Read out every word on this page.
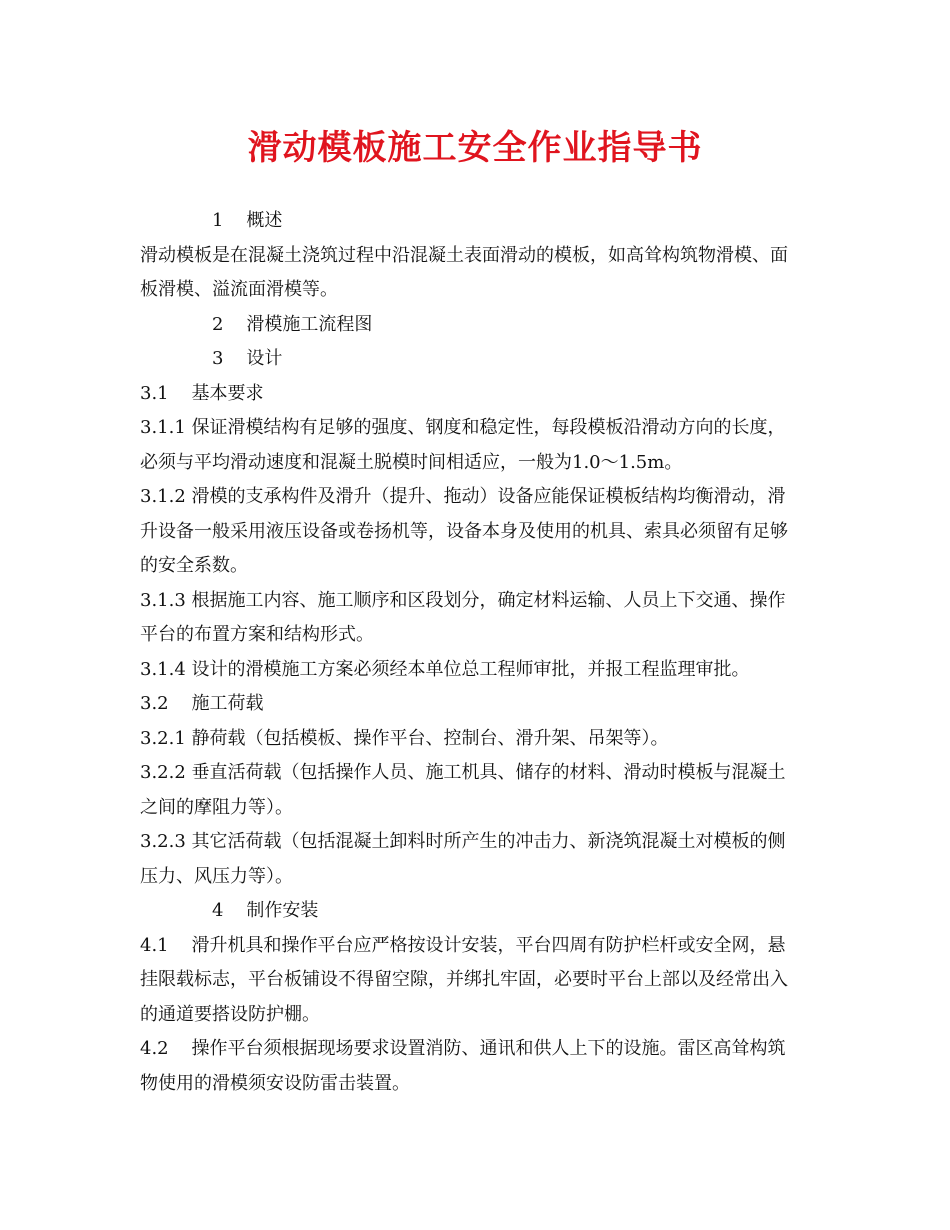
滑动模板施工安全作业指导书

1    概述

滑动模板是在混凝土浇筑过程中沿混凝土表面滑动的模板，如高耸构筑物滑模、面

板滑模、溢流面滑模等。

2    滑模施工流程图

3    设计

3.1    基本要求

3.1.1 保证滑模结构有足够的强度、钢度和稳定性，每段模板沿滑动方向的长度，

必须与平均滑动速度和混凝土脱模时间相适应，一般为1.0～1.5m。

3.1.2 滑模的支承构件及滑升（提升、拖动）设备应能保证模板结构均衡滑动，滑

升设备一般采用液压设备或卷扬机等，设备本身及使用的机具、索具必须留有足够

的安全系数。

3.1.3 根据施工内容、施工顺序和区段划分，确定材料运输、人员上下交通、操作

平台的布置方案和结构形式。

3.1.4 设计的滑模施工方案必须经本单位总工程师审批，并报工程监理审批。

3.2    施工荷载

3.2.1 静荷载（包括模板、操作平台、控制台、滑升架、吊架等）。

3.2.2 垂直活荷载（包括操作人员、施工机具、储存的材料、滑动时模板与混凝土

之间的摩阻力等）。

3.2.3 其它活荷载（包括混凝土卸料时所产生的冲击力、新浇筑混凝土对模板的侧

压力、风压力等）。

4    制作安装

4.1    滑升机具和操作平台应严格按设计安装，平台四周有防护栏杆或安全网，悬

挂限载标志，平台板铺设不得留空隙，并绑扎牢固，必要时平台上部以及经常出入

的通道要搭设防护棚。

4.2    操作平台须根据现场要求设置消防、通讯和供人上下的设施。雷区高耸构筑

物使用的滑模须安设防雷击装置。
